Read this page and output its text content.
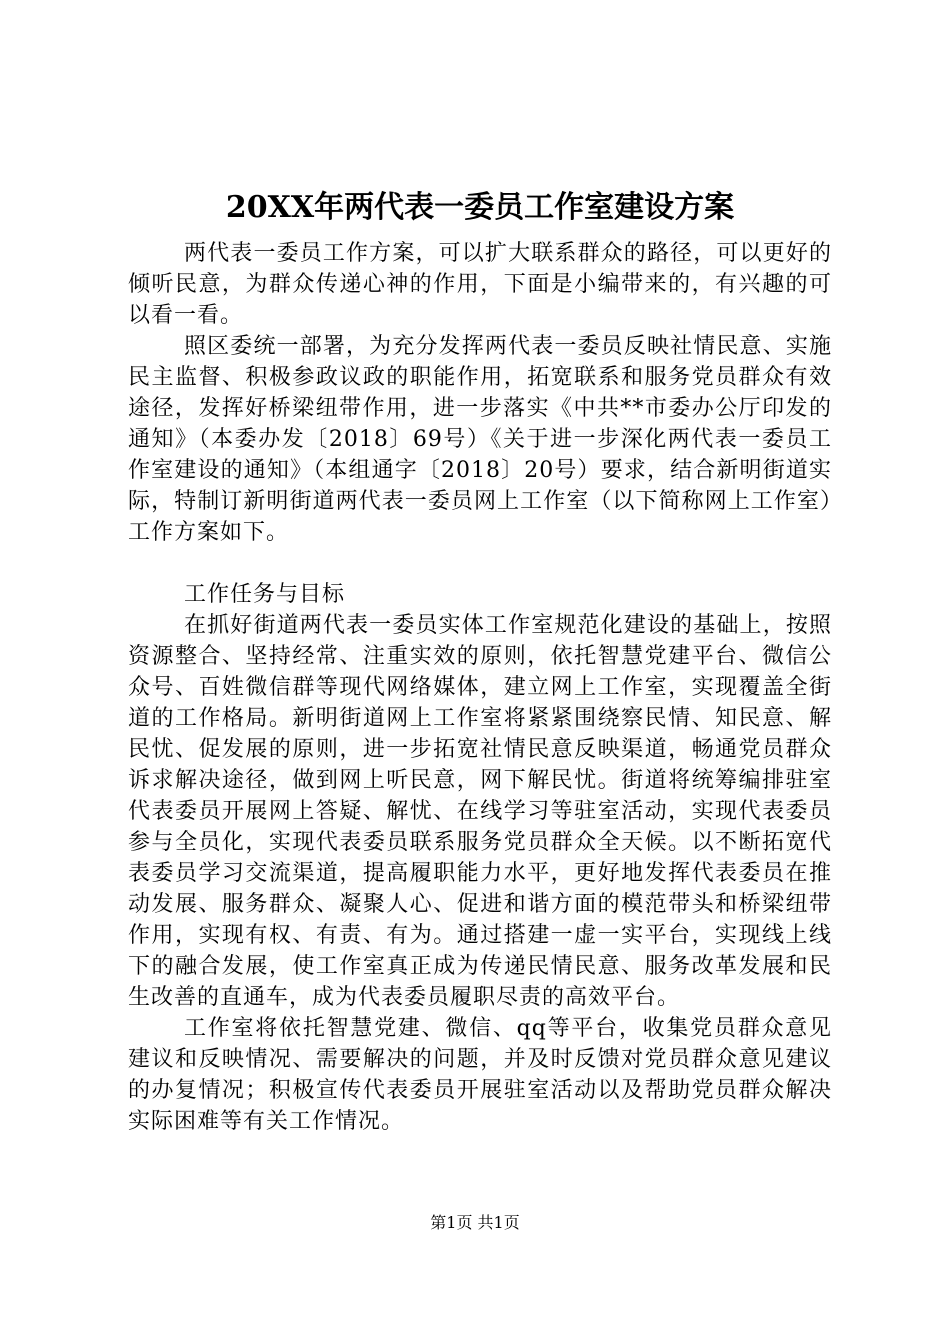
20XX年两代表一委员工作室建设方案

两代表一委员工作方案，可以扩大联系群众的路径，可以更好的倾听民意，为群众传递心神的作用，下面是小编带来的，有兴趣的可以看一看。

照区委统一部署，为充分发挥两代表一委员反映社情民意、实施民主监督、积极参政议政的职能作用，拓宽联系和服务党员群众有效途径，发挥好桥梁纽带作用，进一步落实《中共**市委办公厅印发的通知》（本委办发〔2018〕69号）《关于进一步深化两代表一委员工作室建设的通知》（本组通字〔2018〕20号）要求，结合新明街道实际，特制订新明街道两代表一委员网上工作室（以下简称网上工作室）工作方案如下。

工作任务与目标

在抓好街道两代表一委员实体工作室规范化建设的基础上，按照资源整合、坚持经常、注重实效的原则，依托智慧党建平台、微信公众号、百姓微信群等现代网络媒体，建立网上工作室，实现覆盖全街道的工作格局。新明街道网上工作室将紧紧围绕察民情、知民意、解民忧、促发展的原则，进一步拓宽社情民意反映渠道，畅通党员群众诉求解决途径，做到网上听民意，网下解民忧。街道将统筹编排驻室代表委员开展网上答疑、解忧、在线学习等驻室活动，实现代表委员参与全员化，实现代表委员联系服务党员群众全天候。以不断拓宽代表委员学习交流渠道，提高履职能力水平，更好地发挥代表委员在推动发展、服务群众、凝聚人心、促进和谐方面的模范带头和桥梁纽带作用，实现有权、有责、有为。通过搭建一虚一实平台，实现线上线下的融合发展，使工作室真正成为传递民情民意、服务改革发展和民生改善的直通车，成为代表委员履职尽责的高效平台。

工作室将依托智慧党建、微信、qq等平台，收集党员群众意见建议和反映情况、需要解决的问题，并及时反馈对党员群众意见建议的办复情况；积极宣传代表委员开展驻室活动以及帮助党员群众解决实际困难等有关工作情况。

第1页 共1页
